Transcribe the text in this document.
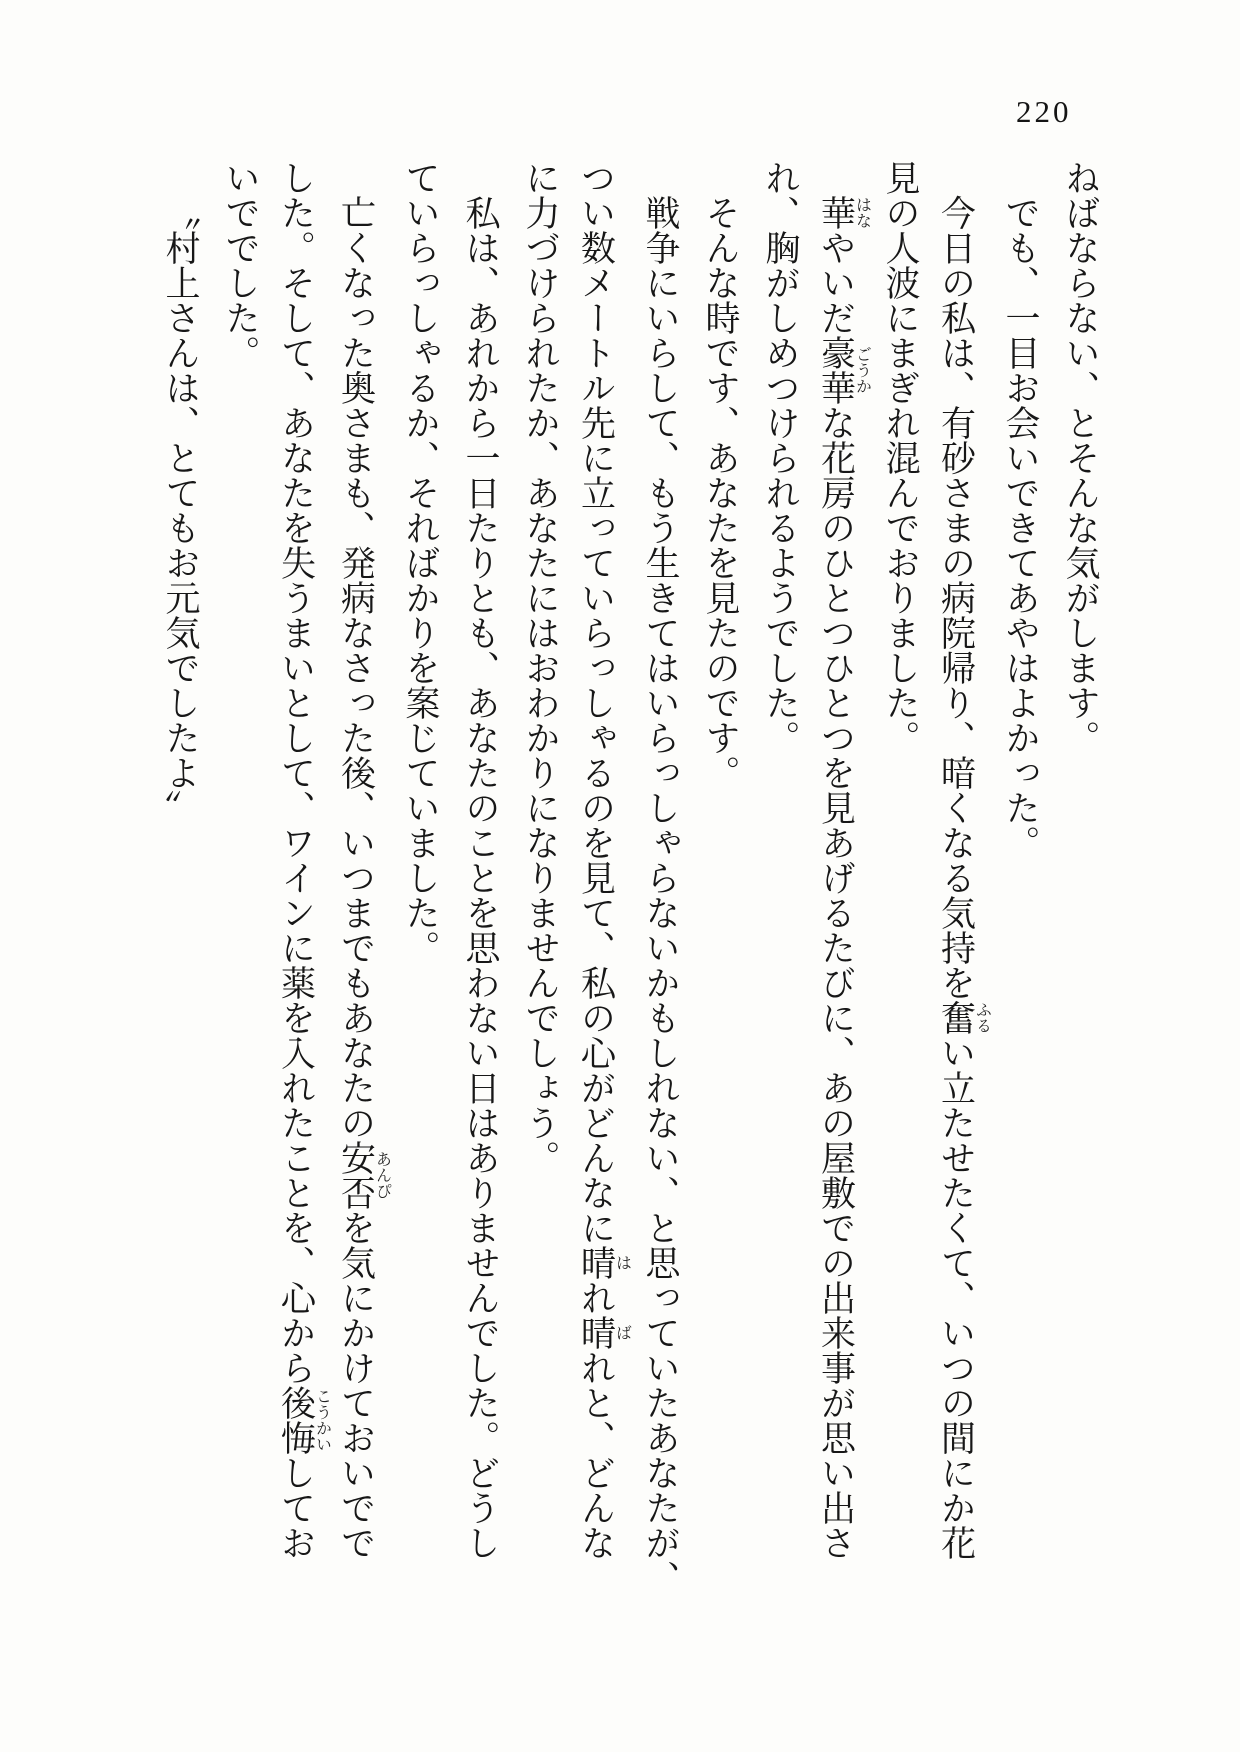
220
ねばならない、とそんな気がします。
でも、一目お会いできてあやはよかった。
今日の私は、有砂さまの病院帰り、暗くなる気持を奮ふるい立たせたくて、いつの間にか花
見の人波にまぎれ混んでおりました。
華はなやいだ豪華ごうかな花房のひとつひとつを見あげるたびに、あの屋敷での出来事が思い出さ
れ、胸がしめつけられるようでした。
そんな時です、あなたを見たのです。
戦争にいらして、もう生きてはいらっしゃらないかもしれない、と思っていたあなたが、
つい数メートル先に立っていらっしゃるのを見て、私の心がどんなに晴はれ晴ばれと、どんな
に力づけられたか、あなたにはおわかりになりませんでしょう。
私は、あれから一日たりとも、あなたのことを思わない日はありませんでした。どうし
ていらっしゃるか、そればかりを案じていました。
亡くなった奥さまも、発病なさった後、いつまでもあなたの安否あんぴを気にかけておいでで
した。そして、あなたを失うまいとして、ワインに薬を入れたことを、心から後悔こうかいしてお
いででした。
〝村上さんは、とてもお元気でしたよ〟
